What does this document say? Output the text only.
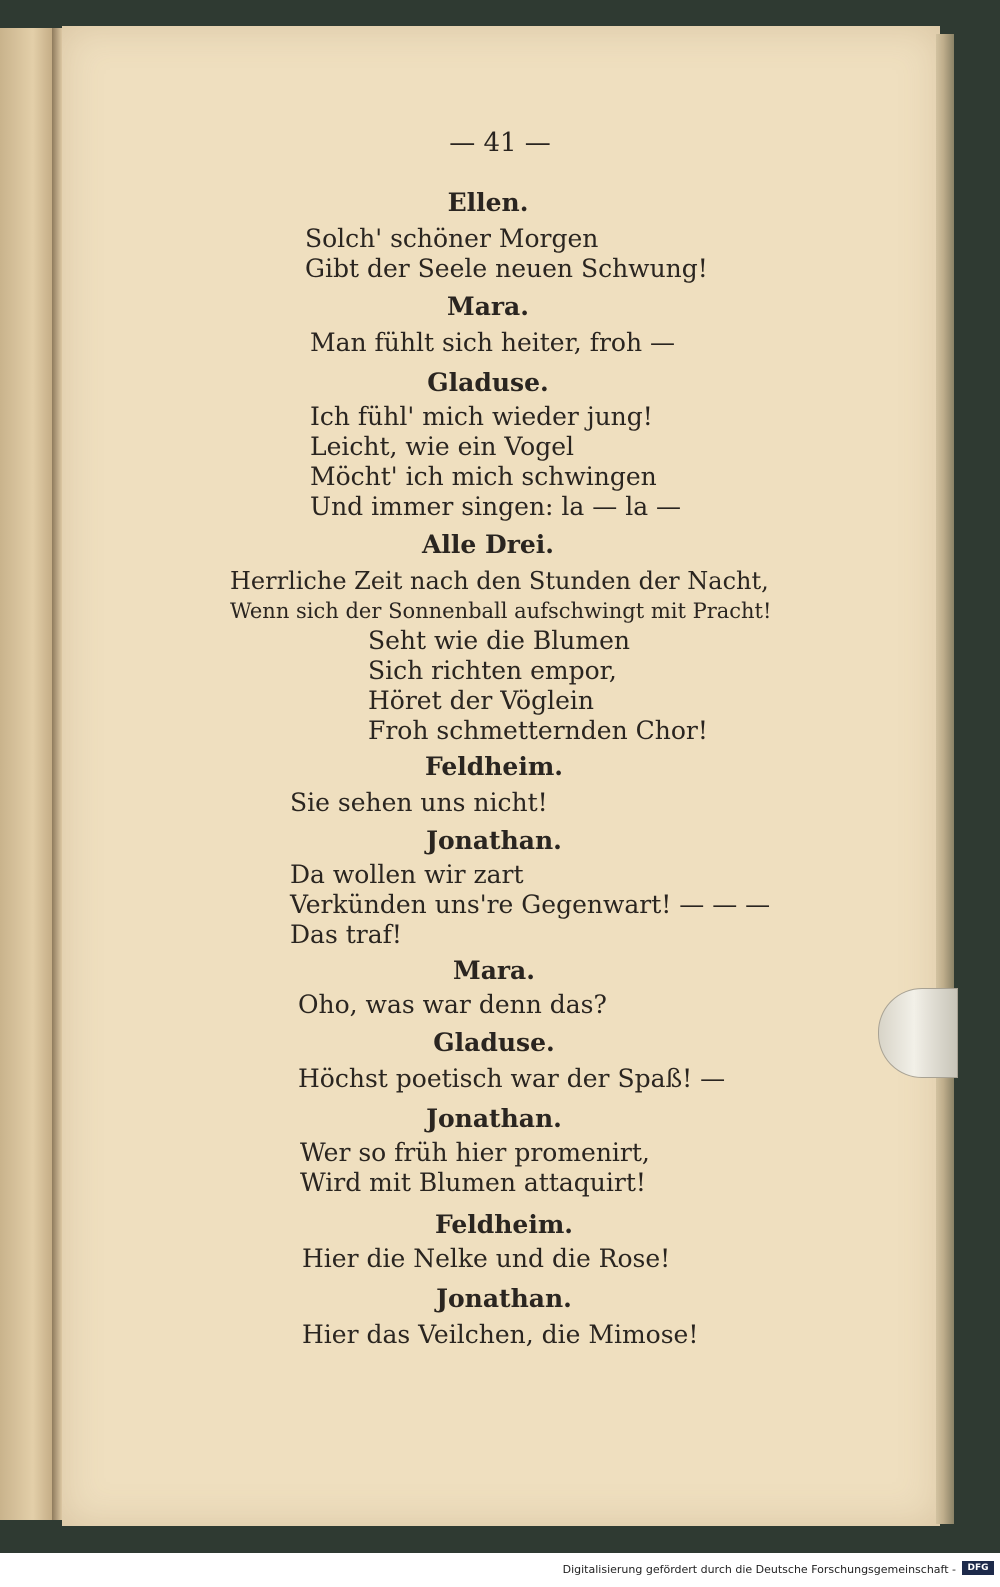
— 41 —
Ellen.
Solch' schöner Morgen
Gibt der Seele neuen Schwung!
Mara.
Man fühlt sich heiter, froh —
Gladuse.
Ich fühl' mich wieder jung!
Leicht, wie ein Vogel
Möcht' ich mich schwingen
Und immer singen: la — la —
Alle Drei.
Herrliche Zeit nach den Stunden der Nacht,
Wenn sich der Sonnenball aufschwingt mit Pracht!
Seht wie die Blumen
Sich richten empor,
Höret der Vöglein
Froh schmetternden Chor!
Feldheim.
Sie sehen uns nicht!
Jonathan.
Da wollen wir zart
Verkünden uns're Gegenwart! — — —
Das traf!
Mara.
Oho, was war denn das?
Gladuse.
Höchst poetisch war der Spaß! —
Jonathan.
Wer so früh hier promenirt,
Wird mit Blumen attaquirt!
Feldheim.
Hier die Nelke und die Rose!
Jonathan.
Hier das Veilchen, die Mimose!
Digitalisierung gefördert durch die Deutsche Forschungsgemeinschaft -	DFG
